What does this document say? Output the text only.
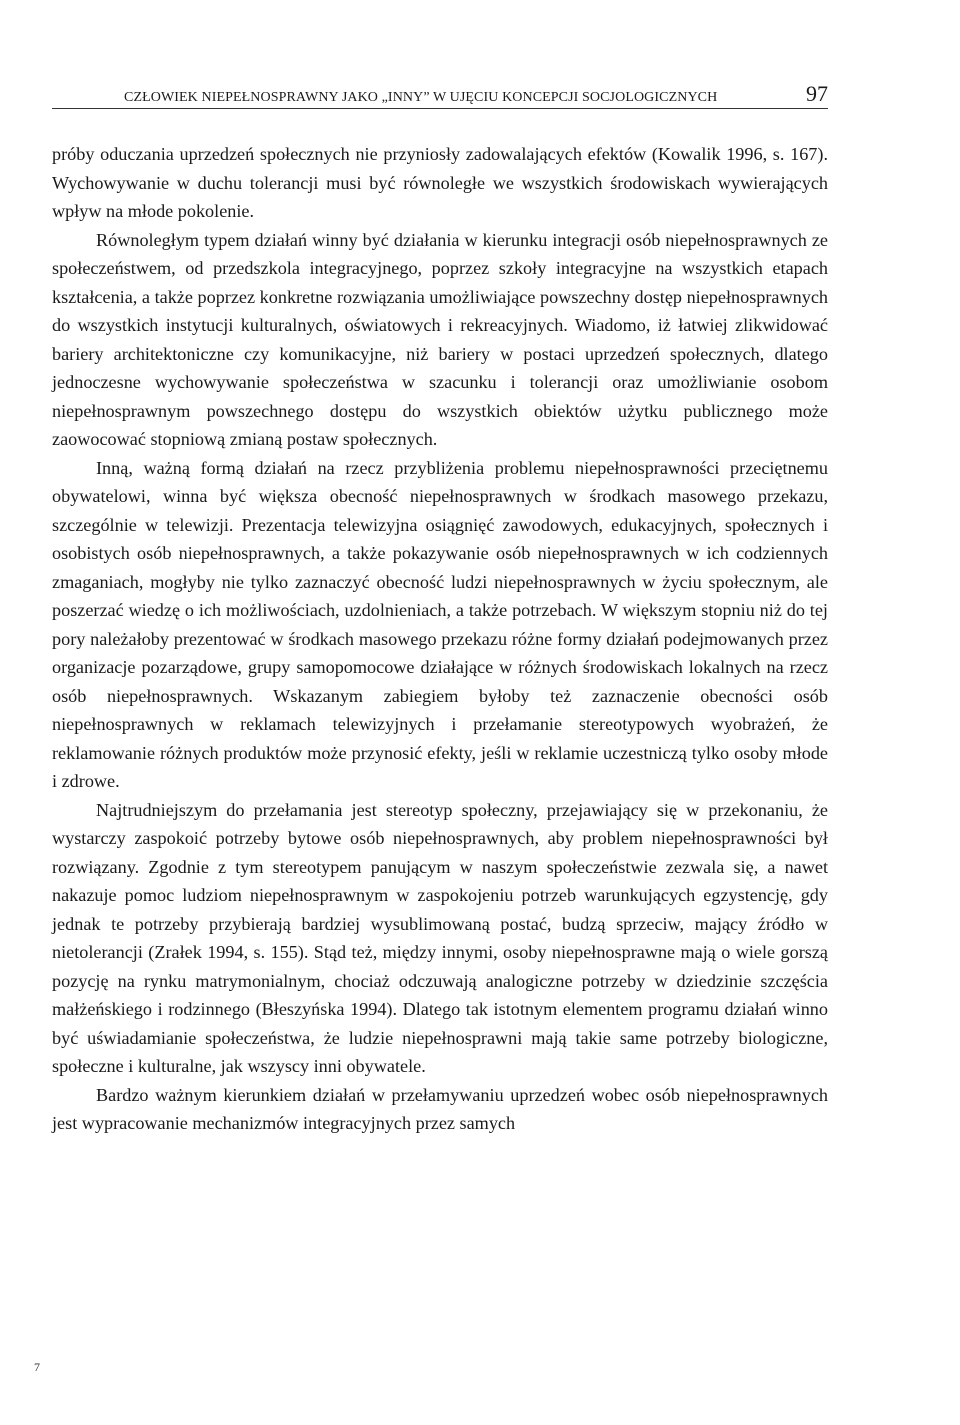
CZŁOWIEK NIEPEŁNOSPRAWNY JAKO „INNY” W UJĘCIU KONCEPCJI SOCJOLOGICZNYCH	97

próby oduczania uprzedzeń społecznych nie przyniosły zadowalających efektów (Kowalik 1996, s. 167). Wychowywanie w duchu tolerancji musi być równoległe we wszystkich środowiskach wywierających wpływ na młode pokolenie.

Równoległym typem działań winny być działania w kierunku integracji osób niepełnosprawnych ze społeczeństwem, od przedszkola integracyjnego, poprzez szkoły integracyjne na wszystkich etapach kształcenia, a także poprzez konkretne rozwiązania umożliwiające powszechny dostęp niepełnosprawnych do wszystkich instytucji kulturalnych, oświatowych i rekreacyjnych. Wiadomo, iż łatwiej zlikwidować bariery architektoniczne czy komunikacyjne, niż bariery w postaci uprzedzeń społecznych, dlatego jednoczesne wychowywanie społeczeństwa w szacunku i tolerancji oraz umożliwianie osobom niepełnosprawnym powszechnego dostępu do wszystkich obiektów użytku publicznego może zaowocować stopniową zmianą postaw społecznych.

Inną, ważną formą działań na rzecz przybliżenia problemu niepełnosprawności przeciętnemu obywatelowi, winna być większa obecność niepełnosprawnych w środkach masowego przekazu, szczególnie w telewizji. Prezentacja telewizyjna osiągnięć zawodowych, edukacyjnych, społecznych i osobistych osób niepełnosprawnych, a także pokazywanie osób niepełnosprawnych w ich codziennych zmaganiach, mogłyby nie tylko zaznaczyć obecność ludzi niepełnosprawnych w życiu społecznym, ale poszerzać wiedzę o ich możliwościach, uzdolnieniach, a także potrzebach. W większym stopniu niż do tej pory należałoby prezentować w środkach masowego przekazu różne formy działań podejmowanych przez organizacje pozarządowe, grupy samopomocowe działające w różnych środowiskach lokalnych na rzecz osób niepełnosprawnych. Wskazanym zabiegiem byłoby też zaznaczenie obecności osób niepełnosprawnych w reklamach telewizyjnych i przełamanie stereotypowych wyobrażeń, że reklamowanie różnych produktów może przynosić efekty, jeśli w reklamie uczestniczą tylko osoby młode i zdrowe.

Najtrudniejszym do przełamania jest stereotyp społeczny, przejawiający się w przekonaniu, że wystarczy zaspokoić potrzeby bytowe osób niepełnosprawnych, aby problem niepełnosprawności był rozwiązany. Zgodnie z tym stereotypem panującym w naszym społeczeństwie zezwala się, a nawet nakazuje pomoc ludziom niepełnosprawnym w zaspokojeniu potrzeb warunkujących egzystencję, gdy jednak te potrzeby przybierają bardziej wysublimowaną postać, budzą sprzeciw, mający źródło w nietolerancji (Zrałek 1994, s. 155). Stąd też, między innymi, osoby niepełnosprawne mają o wiele gorszą pozycję na rynku matrymonialnym, chociaż odczuwają analogiczne potrzeby w dziedzinie szczęścia małżeńskiego i rodzinnego (Błeszyńska 1994). Dlatego tak istotnym elementem programu działań winno być uświadamianie społeczeństwa, że ludzie niepełnosprawni mają takie same potrzeby biologiczne, społeczne i kulturalne, jak wszyscy inni obywatele.

Bardzo ważnym kierunkiem działań w przełamywaniu uprzedzeń wobec osób niepełnosprawnych jest wypracowanie mechanizmów integracyjnych przez samych

7
